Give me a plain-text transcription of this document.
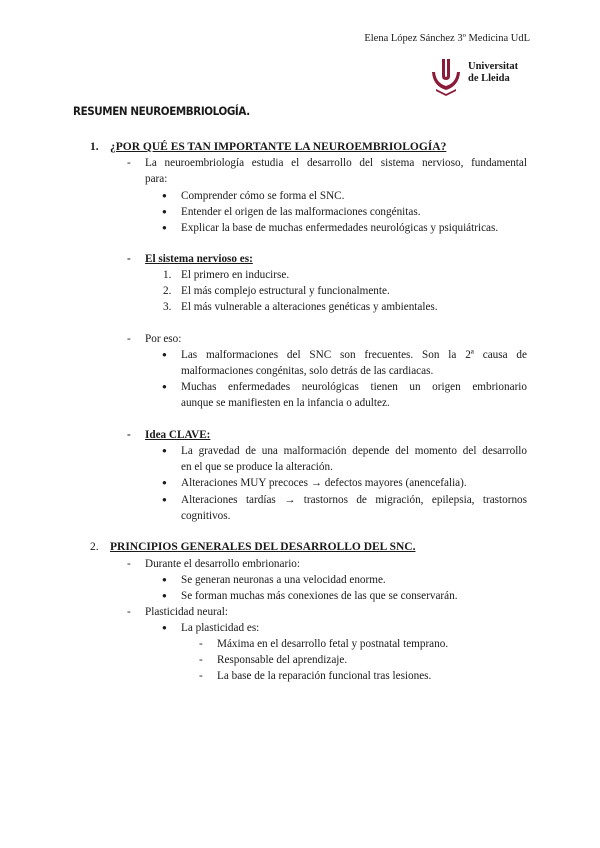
Elena López Sánchez 3º Medicina UdL
Universitat
de Lleida
RESUMEN NEUROEMBRIOLOGÍA.
1. ¿POR QUÉ ES TAN IMPORTANTE LA NEUROEMBRIOLOGÍA?
- La neuroembriología estudia el desarrollo del sistema nervioso, fundamental
para:
● Comprender cómo se forma el SNC.
● Entender el origen de las malformaciones congénitas.
● Explicar la base de muchas enfermedades neurológicas y psiquiátricas.
- El sistema nervioso es:
1. El primero en inducirse.
2. El más complejo estructural y funcionalmente.
3. El más vulnerable a alteraciones genéticas y ambientales.
- Por eso:
● Las malformaciones del SNC son frecuentes. Son la 2ª causa de
malformaciones congénitas, solo detrás de las cardiacas.
● Muchas enfermedades neurológicas tienen un origen embrionario
aunque se manifiesten en la infancia o adultez.
- Idea CLAVE:
● La gravedad de una malformación depende del momento del desarrollo
en el que se produce la alteración.
● Alteraciones MUY precoces → defectos mayores (anencefalia).
● Alteraciones tardías → trastornos de migración, epilepsia, trastornos
cognitivos.
2. PRINCIPIOS GENERALES DEL DESARROLLO DEL SNC.
- Durante el desarrollo embrionario:
● Se generan neuronas a una velocidad enorme.
● Se forman muchas más conexiones de las que se conservarán.
- Plasticidad neural:
● La plasticidad es:
- Máxima en el desarrollo fetal y postnatal temprano.
- Responsable del aprendizaje.
- La base de la reparación funcional tras lesiones.
